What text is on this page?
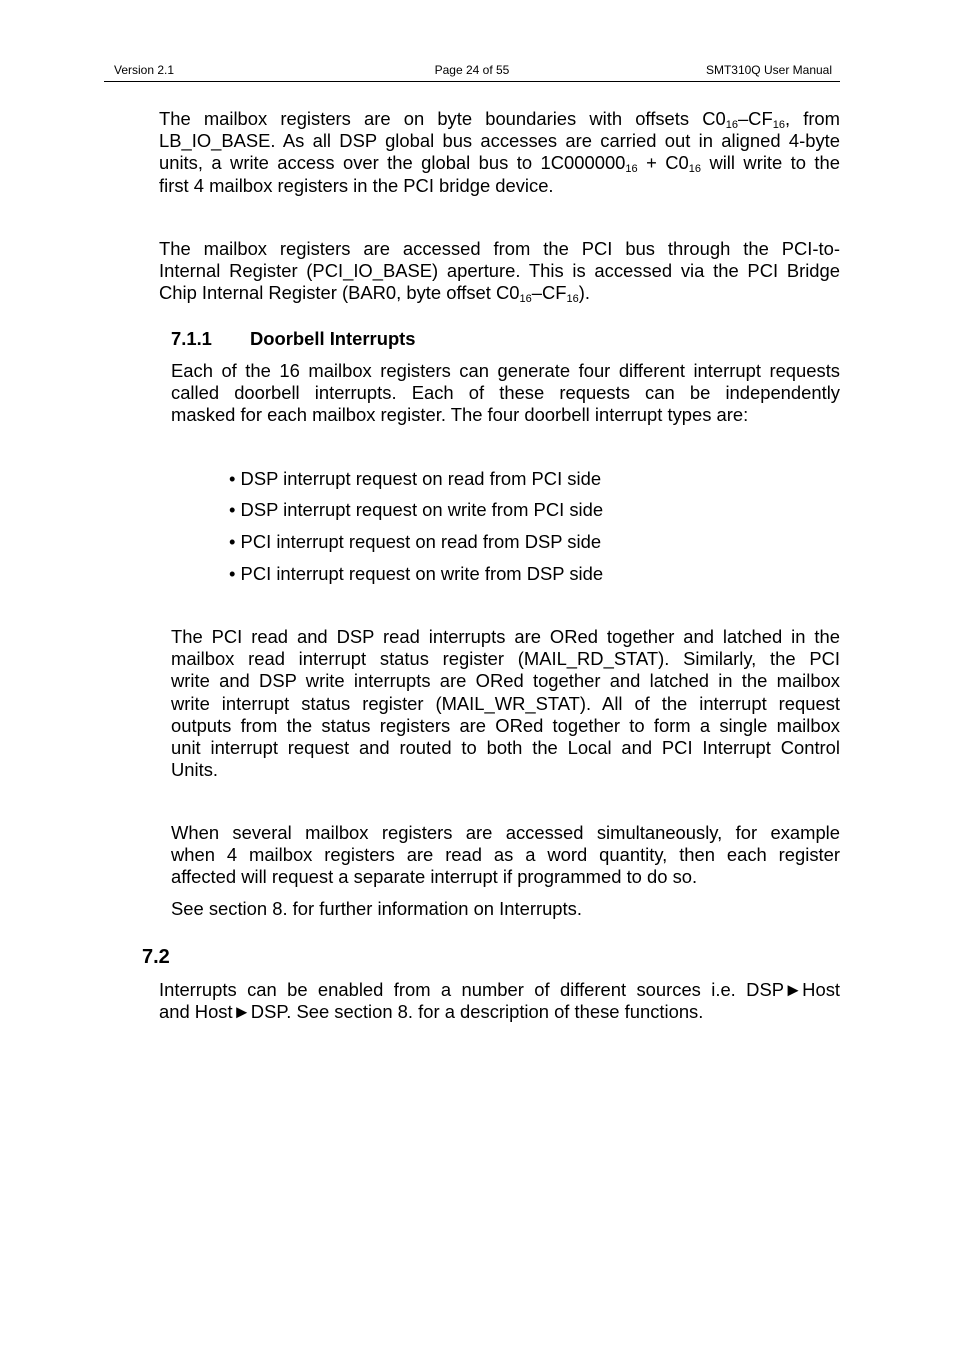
Version 2.1	Page 24 of 55	SMT310Q User Manual
The mailbox registers are on byte boundaries with offsets $C0_{16}-CF_{16}$, from
LB_IO_BASE. As all DSP global bus accesses are carried out in aligned 4-byte
units, a write access over the global bus to $1C000000_{16} + C0_{16}$ will write to the
first 4 mailbox registers in the PCI bridge device.
The mailbox registers are accessed from the PCI bus through the PCI-to-
Internal Register (PCI_IO_BASE) aperture. This is accessed via the PCI Bridge
Chip Internal Register (BAR0, byte offset $C0_{16}-CF_{16}$).
7.1.1 Doorbell Interrupts
Each of the 16 mailbox registers can generate four different interrupt requests
called doorbell interrupts. Each of these requests can be independently
masked for each mailbox register. The four doorbell interrupt types are:
• DSP interrupt request on read from PCI side
• DSP interrupt request on write from PCI side
• PCI interrupt request on read from DSP side
• PCI interrupt request on write from DSP side
The PCI read and DSP read interrupts are ORed together and latched in the
mailbox read interrupt status register (MAIL_RD_STAT). Similarly, the PCI
write and DSP write interrupts are ORed together and latched in the mailbox
write interrupt status register (MAIL_WR_STAT). All of the interrupt request
outputs from the status registers are ORed together to form a single mailbox
unit interrupt request and routed to both the Local and PCI Interrupt Control
Units.
When several mailbox registers are accessed simultaneously, for example
when 4 mailbox registers are read as a word quantity, then each register
affected will request a separate interrupt if programmed to do so.
See section 8. for further information on Interrupts.
7.2
Interrupts can be enabled from a number of different sources i.e. DSP►Host
and Host►DSP. See section 8. for a description of these functions.
